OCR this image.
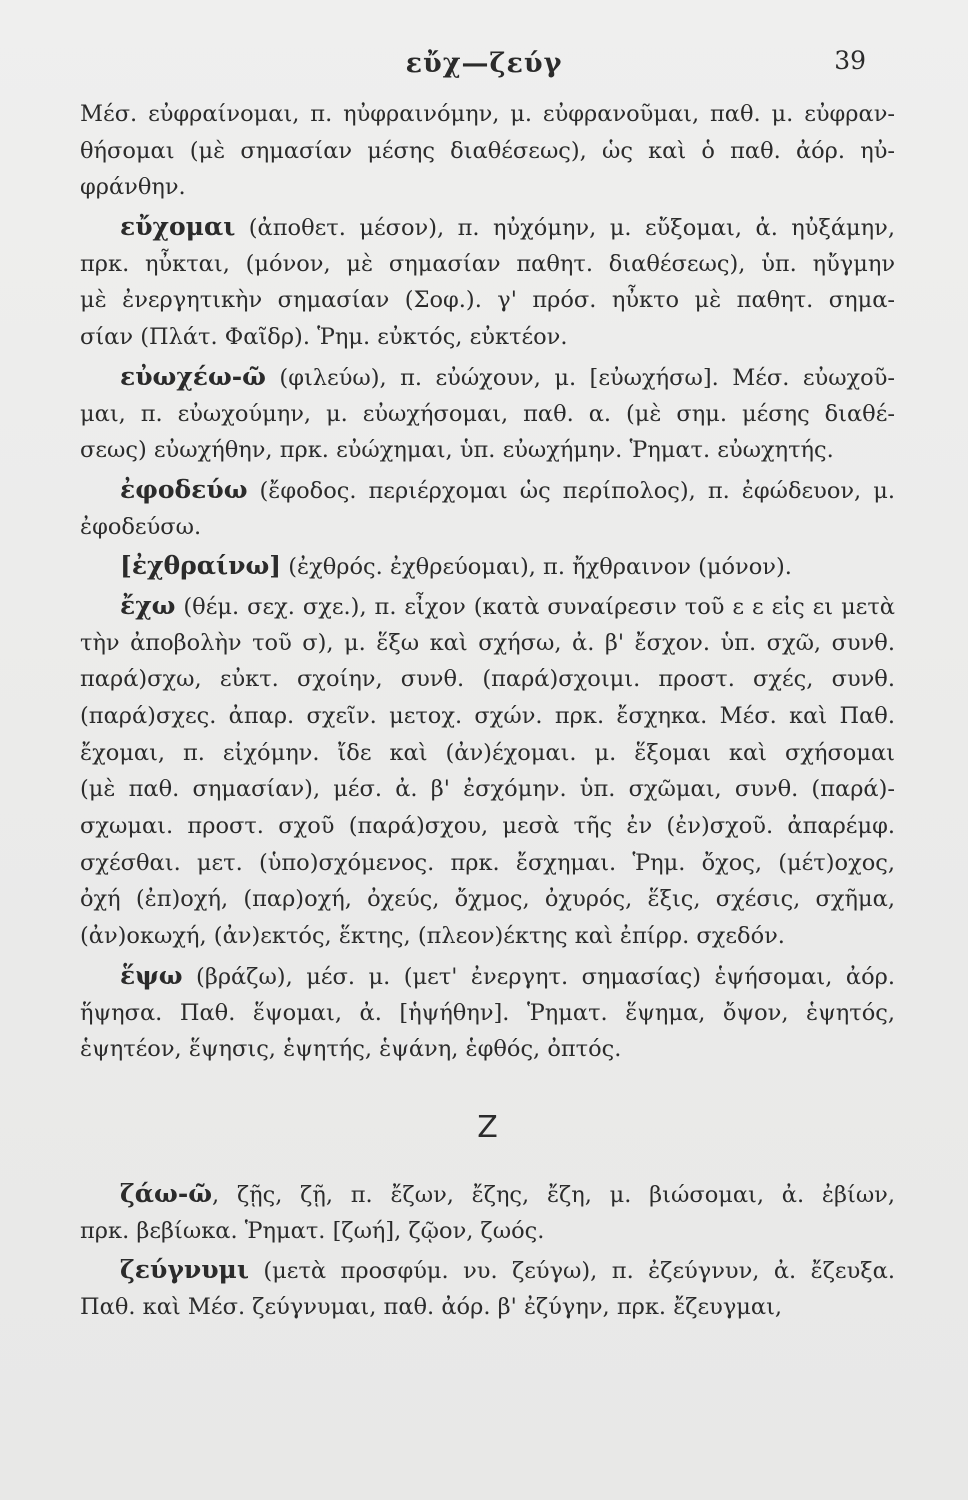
εὔχ—ζεύγ	39
Μέσ. εὐφραίνομαι, π. ηὐφραινόμην, μ. εὐφρανοῦμαι, παθ. μ. εὐφραν-
θήσομαι (μὲ σημασίαν μέσης διαθέσεως), ὡς καὶ ὁ παθ. ἀόρ. ηὐ-
φράνθην.
εὔχομαι (ἀποθετ. μέσον), π. ηὐχόμην, μ. εὔξομαι, ἀ. ηὐξάμην,
πρκ. ηὖκται, (μόνον, μὲ σημασίαν παθητ. διαθέσεως), ὑπ. ηὔγμην
μὲ ἐνεργητικὴν σημασίαν (Σοφ.). γ' πρόσ. ηὖκτο μὲ παθητ. σημα-
σίαν (Πλάτ. Φαῖδρ). Ῥημ. εὐκτός, εὐκτέον.
εὐωχέω-ῶ (φιλεύω), π. εὐώχουν, μ. [εὐωχήσω]. Μέσ. εὐωχοῦ-
μαι, π. εὐωχούμην, μ. εὐωχήσομαι, παθ. α. (μὲ σημ. μέσης διαθέ-
σεως) εὐωχήθην, πρκ. εὐώχημαι, ὑπ. εὐωχήμην. Ῥηματ. εὐωχητής.
ἐφοδεύω (ἔφοδος. περιέρχομαι ὡς περίπολος), π. ἐφώδευον, μ.
ἐφοδεύσω.
[ἐχθραίνω] (ἐχθρός. ἐχθρεύομαι), π. ἤχθραινον (μόνον).
ἔχω (θέμ. σεχ. σχε.), π. εἶχον (κατὰ συναίρεσιν τοῦ ε ε εἰς ει μετὰ
τὴν ἀποβολὴν τοῦ σ), μ. ἕξω καὶ σχήσω, ἀ. β' ἔσχον. ὑπ. σχῶ, συνθ.
παρά)σχω, εὐκτ. σχοίην, συνθ. (παρά)σχοιμι. προστ. σχές, συνθ.
(παρά)σχες. ἀπαρ. σχεῖν. μετοχ. σχών. πρκ. ἔσχηκα. Μέσ. καὶ Παθ.
ἔχομαι, π. εἰχόμην. ἴδε καὶ (ἀν)έχομαι. μ. ἕξομαι καὶ σχήσομαι
(μὲ παθ. σημασίαν), μέσ. ἀ. β' ἐσχόμην. ὑπ. σχῶμαι, συνθ. (παρά)-
σχωμαι. προστ. σχοῦ (παρά)σχου, μεσὰ τῆς ἐν (ἐν)σχοῦ. ἀπαρέμφ.
σχέσθαι. μετ. (ὑπο)σχόμενος. πρκ. ἔσχημαι. Ῥημ. ὄχος, (μέτ)οχος,
ὀχή (ἐπ)οχή, (παρ)οχή, ὀχεύς, ὄχμος, ὀχυρός, ἕξις, σχέσις, σχῆμα,
(ἀν)οκωχή, (ἀν)εκτός, ἕκτης, (πλεον)έκτης καὶ ἐπίρρ. σχεδόν.
ἕψω (βράζω), μέσ. μ. (μετ' ἐνεργητ. σημασίας) ἑψήσομαι, ἀόρ.
ἥψησα. Παθ. ἕψομαι, ἀ. [ἡψήθην]. Ῥηματ. ἕψημα, ὄψον, ἑψητός,
ἑψητέον, ἕψησις, ἑψητής, ἑψάνη, ἑφθός, ὀπτός.
Ζ
ζάω-ῶ, ζῇς, ζῇ, π. ἔζων, ἔζης, ἔζη, μ. βιώσομαι, ἀ. ἐβίων,
πρκ. βεβίωκα. Ῥηματ. [ζωή], ζῷον, ζωός.
ζεύγνυμι (μετὰ προσφύμ. νυ. ζεύγω), π. ἐζεύγνυν, ἀ. ἔζευξα.
Παθ. καὶ Μέσ. ζεύγνυμαι, παθ. ἀόρ. β' ἐζύγην, πρκ. ἔζευγμαι,
